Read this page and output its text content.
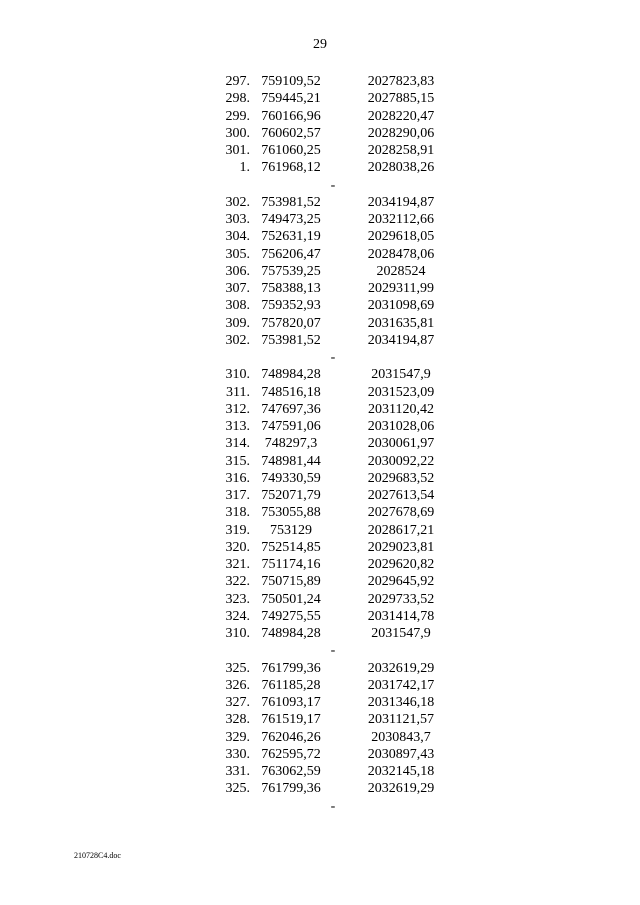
29
297. 759109,52	2027823,83
298. 759445,21	2027885,15
299. 760166,96	2028220,47
300. 760602,57	2028290,06
301. 761060,25	2028258,91
1. 761968,12	2028038,26
-
302. 753981,52	2034194,87
303. 749473,25	2032112,66
304. 752631,19	2029618,05
305. 756206,47	2028478,06
306. 757539,25	2028524
307. 758388,13	2029311,99
308. 759352,93	2031098,69
309. 757820,07	2031635,81
302. 753981,52	2034194,87
-
310. 748984,28	2031547,9
311. 748516,18	2031523,09
312. 747697,36	2031120,42
313. 747591,06	2031028,06
314.	748297,3	2030061,97
315. 748981,44	2030092,22
316. 749330,59	2029683,52
317. 752071,79	2027613,54
318. 753055,88	2027678,69
319.	753129	2028617,21
320. 752514,85	2029023,81
321. 751174,16	2029620,82
322. 750715,89	2029645,92
323. 750501,24	2029733,52
324. 749275,55	2031414,78
310. 748984,28	2031547,9
-
325. 761799,36	2032619,29
326. 761185,28	2031742,17
327. 761093,17	2031346,18
328. 761519,17	2031121,57
329. 762046,26	2030843,7
330. 762595,72	2030897,43
331. 763062,59	2032145,18
325. 761799,36	2032619,29
-
210728C4.doc
